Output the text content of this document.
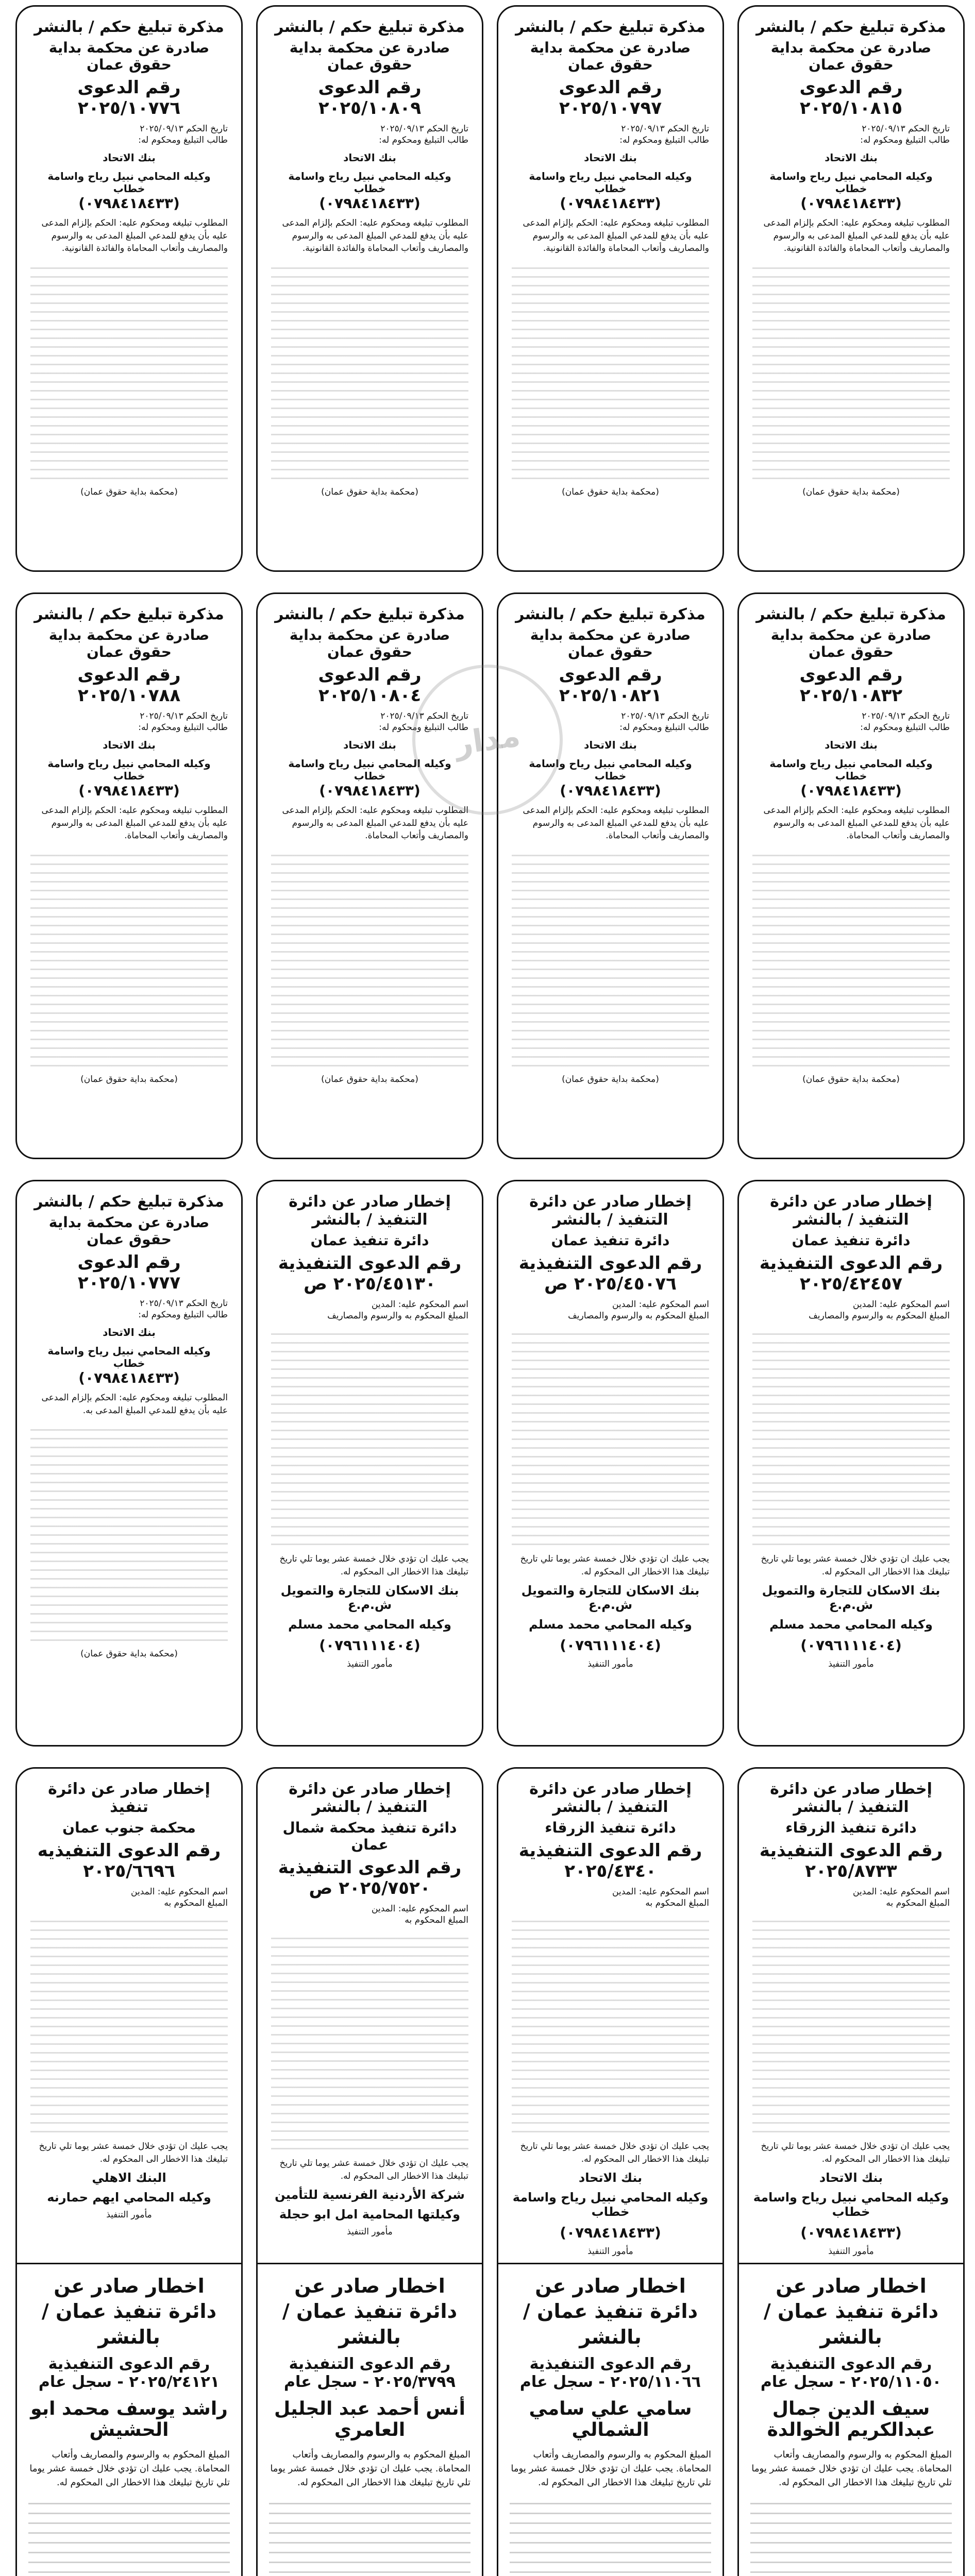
مذكرة تبليغ حكم / بالنشر
صادرة عن محكمة بداية حقوق عمان
رقم الدعوى ٢٠٢٥/١٠٨١٥
تاريخ الحكم ٢٠٢٥/٠٩/١٣
طالب التبليغ ومحكوم له:
بنك الاتحاد
وكيله المحامي نبيل رياح واسامة خطاب
(٠٧٩٨٤١٨٤٣٣)
المطلوب تبليغه ومحكوم عليه: الحكم بإلزام المدعى عليه بأن يدفع للمدعي المبلغ المدعى به والرسوم والمصاريف وأتعاب المحاماة والفائدة القانونية.
(محكمة بداية حقوق عمان)
مذكرة تبليغ حكم / بالنشر
صادرة عن محكمة بداية حقوق عمان
رقم الدعوى ٢٠٢٥/١٠٧٩٧
تاريخ الحكم ٢٠٢٥/٠٩/١٣
طالب التبليغ ومحكوم له:
بنك الاتحاد
وكيله المحامي نبيل رياح واسامة خطاب
(٠٧٩٨٤١٨٤٣٣)
المطلوب تبليغه ومحكوم عليه: الحكم بإلزام المدعى عليه بأن يدفع للمدعي المبلغ المدعى به والرسوم والمصاريف وأتعاب المحاماة والفائدة القانونية.
(محكمة بداية حقوق عمان)
مذكرة تبليغ حكم / بالنشر
صادرة عن محكمة بداية حقوق عمان
رقم الدعوى ٢٠٢٥/١٠٨٠٩
تاريخ الحكم ٢٠٢٥/٠٩/١٣
طالب التبليغ ومحكوم له:
بنك الاتحاد
وكيله المحامي نبيل رياح واسامة خطاب
(٠٧٩٨٤١٨٤٣٣)
المطلوب تبليغه ومحكوم عليه: الحكم بإلزام المدعى عليه بأن يدفع للمدعي المبلغ المدعى به والرسوم والمصاريف وأتعاب المحاماة والفائدة القانونية.
(محكمة بداية حقوق عمان)
مذكرة تبليغ حكم / بالنشر
صادرة عن محكمة بداية حقوق عمان
رقم الدعوى ٢٠٢٥/١٠٧٧٦
تاريخ الحكم ٢٠٢٥/٠٩/١٣
طالب التبليغ ومحكوم له:
بنك الاتحاد
وكيله المحامي نبيل رياح واسامة خطاب
(٠٧٩٨٤١٨٤٣٣)
المطلوب تبليغه ومحكوم عليه: الحكم بإلزام المدعى عليه بأن يدفع للمدعي المبلغ المدعى به والرسوم والمصاريف وأتعاب المحاماة والفائدة القانونية.
(محكمة بداية حقوق عمان)
مذكرة تبليغ حكم / بالنشر
صادرة عن محكمة بداية حقوق عمان
رقم الدعوى ٢٠٢٥/١٠٨٣٢
تاريخ الحكم ٢٠٢٥/٠٩/١٣
طالب التبليغ ومحكوم له:
بنك الاتحاد
وكيله المحامي نبيل رياح واسامة خطاب
(٠٧٩٨٤١٨٤٣٣)
المطلوب تبليغه ومحكوم عليه: الحكم بإلزام المدعى عليه بأن يدفع للمدعي المبلغ المدعى به والرسوم والمصاريف وأتعاب المحاماة.
(محكمة بداية حقوق عمان)
مذكرة تبليغ حكم / بالنشر
صادرة عن محكمة بداية حقوق عمان
رقم الدعوى ٢٠٢٥/١٠٨٢١
تاريخ الحكم ٢٠٢٥/٠٩/١٣
طالب التبليغ ومحكوم له:
بنك الاتحاد
وكيله المحامي نبيل رياح واسامة خطاب
(٠٧٩٨٤١٨٤٣٣)
المطلوب تبليغه ومحكوم عليه: الحكم بإلزام المدعى عليه بأن يدفع للمدعي المبلغ المدعى به والرسوم والمصاريف وأتعاب المحاماة.
(محكمة بداية حقوق عمان)
مذكرة تبليغ حكم / بالنشر
صادرة عن محكمة بداية حقوق عمان
رقم الدعوى ٢٠٢٥/١٠٨٠٤
تاريخ الحكم ٢٠٢٥/٠٩/١٣
طالب التبليغ ومحكوم له:
بنك الاتحاد
وكيله المحامي نبيل رياح واسامة خطاب
(٠٧٩٨٤١٨٤٣٣)
المطلوب تبليغه ومحكوم عليه: الحكم بإلزام المدعى عليه بأن يدفع للمدعي المبلغ المدعى به والرسوم والمصاريف وأتعاب المحاماة.
(محكمة بداية حقوق عمان)
مذكرة تبليغ حكم / بالنشر
صادرة عن محكمة بداية حقوق عمان
رقم الدعوى ٢٠٢٥/١٠٧٨٨
تاريخ الحكم ٢٠٢٥/٠٩/١٣
طالب التبليغ ومحكوم له:
بنك الاتحاد
وكيله المحامي نبيل رياح واسامة خطاب
(٠٧٩٨٤١٨٤٣٣)
المطلوب تبليغه ومحكوم عليه: الحكم بإلزام المدعى عليه بأن يدفع للمدعي المبلغ المدعى به والرسوم والمصاريف وأتعاب المحاماة.
(محكمة بداية حقوق عمان)
إخطار صادر عن دائرة التنفيذ / بالنشر
دائرة تنفيذ عمان
رقم الدعوى التنفيذية ٢٠٢٥/٤٢٤٥٧
اسم المحكوم عليه: المدين
المبلغ المحكوم به والرسوم والمصاريف
يجب عليك ان تؤدي خلال خمسة عشر يوما تلي تاريخ تبليغك هذا الاخطار الى المحكوم له.
بنك الاسكان للتجارة والتمويل ش.م.ع
وكيله المحامي محمد مسلم
(٠٧٩٦١١١٤٠٤)
مأمور التنفيذ
إخطار صادر عن دائرة التنفيذ / بالنشر
دائرة تنفيذ عمان
رقم الدعوى التنفيذية ٢٠٢٥/٤٥٠٧٦ ص
اسم المحكوم عليه: المدين
المبلغ المحكوم به والرسوم والمصاريف
يجب عليك ان تؤدي خلال خمسة عشر يوما تلي تاريخ تبليغك هذا الاخطار الى المحكوم له.
بنك الاسكان للتجارة والتمويل ش.م.ع
وكيله المحامي محمد مسلم
(٠٧٩٦١١١٤٠٤)
مأمور التنفيذ
إخطار صادر عن دائرة التنفيذ / بالنشر
دائرة تنفيذ عمان
رقم الدعوى التنفيذية ٢٠٢٥/٤٥١٣٠ ص
اسم المحكوم عليه: المدين
المبلغ المحكوم به والرسوم والمصاريف
يجب عليك ان تؤدي خلال خمسة عشر يوما تلي تاريخ تبليغك هذا الاخطار الى المحكوم له.
بنك الاسكان للتجارة والتمويل ش.م.ع
وكيله المحامي محمد مسلم
(٠٧٩٦١١١٤٠٤)
مأمور التنفيذ
مذكرة تبليغ حكم / بالنشر
صادرة عن محكمة بداية حقوق عمان
رقم الدعوى ٢٠٢٥/١٠٧٧٧
تاريخ الحكم ٢٠٢٥/٠٩/١٣
طالب التبليغ ومحكوم له:
بنك الاتحاد
وكيله المحامي نبيل رياح واسامة خطاب
(٠٧٩٨٤١٨٤٣٣)
المطلوب تبليغه ومحكوم عليه: الحكم بإلزام المدعى عليه بأن يدفع للمدعي المبلغ المدعى به.
(محكمة بداية حقوق عمان)
إخطار صادر عن دائرة التنفيذ / بالنشر
دائرة تنفيذ الزرقاء
رقم الدعوى التنفيذية ٢٠٢٥/٨٧٣٣
اسم المحكوم عليه: المدين
المبلغ المحكوم به
يجب عليك ان تؤدي خلال خمسة عشر يوما تلي تاريخ تبليغك هذا الاخطار الى المحكوم له.
بنك الاتحاد
وكيله المحامي نبيل رياح واسامة خطاب
(٠٧٩٨٤١٨٤٣٣)
مأمور التنفيذ
إخطار صادر عن دائرة التنفيذ / بالنشر
دائرة تنفيذ الزرقاء
رقم الدعوى التنفيذية ٢٠٢٥/٤٣٤٠
اسم المحكوم عليه: المدين
المبلغ المحكوم به
يجب عليك ان تؤدي خلال خمسة عشر يوما تلي تاريخ تبليغك هذا الاخطار الى المحكوم له.
بنك الاتحاد
وكيله المحامي نبيل رياح واسامة خطاب
(٠٧٩٨٤١٨٤٣٣)
مأمور التنفيذ
إخطار صادر عن دائرة التنفيذ / بالنشر
دائرة تنفيذ محكمة شمال عمان
رقم الدعوى التنفيذية ٢٠٢٥/٧٥٢٠ ص
اسم المحكوم عليه: المدين
المبلغ المحكوم به
يجب عليك ان تؤدي خلال خمسة عشر يوما تلي تاريخ تبليغك هذا الاخطار الى المحكوم له.
شركة الأردنية الفرنسية للتأمين
وكيلتها المحامية امل ابو حجلة
مأمور التنفيذ
إخطار صادر عن دائرة تنفيذ
محكمة جنوب عمان
رقم الدعوى التنفيذيه ٢٠٢٥/٦٦٩٦
اسم المحكوم عليه: المدين
المبلغ المحكوم به
يجب عليك ان تؤدي خلال خمسة عشر يوما تلي تاريخ تبليغك هذا الاخطار الى المحكوم له.
البنك الاهلي
وكيله المحامي ايهم حمارنه
مأمور التنفيذ
اخطار صادر عن دائرة تنفيذ عمان / بالنشر
رقم الدعوى التنفيذية ٢٠٢٥/١١٠٥٠ - سجل عام
سيف الدين جمال عبدالكريم الخوالدة
المبلغ المحكوم به والرسوم والمصاريف وأتعاب المحاماة. يجب عليك ان تؤدي خلال خمسة عشر يوما تلي تاريخ تبليغك هذا الاخطار الى المحكوم له.
اخطار صادر عن دائرة تنفيذ عمان / بالنشر
رقم الدعوى التنفيذية ٢٠٢٥/١١٠٦٦ - سجل عام
سامي علي سامي الشمالي
المبلغ المحكوم به والرسوم والمصاريف وأتعاب المحاماة. يجب عليك ان تؤدي خلال خمسة عشر يوما تلي تاريخ تبليغك هذا الاخطار الى المحكوم له.
اخطار صادر عن دائرة تنفيذ عمان / بالنشر
رقم الدعوى التنفيذية ٢٠٢٥/٣٧٩٩ - سجل عام
أنس أحمد عبد الجليل العامري
المبلغ المحكوم به والرسوم والمصاريف وأتعاب المحاماة. يجب عليك ان تؤدي خلال خمسة عشر يوما تلي تاريخ تبليغك هذا الاخطار الى المحكوم له.
اخطار صادر عن دائرة تنفيذ عمان / بالنشر
رقم الدعوى التنفيذية ٢٠٢٥/٢٤١٢١ - سجل عام
راشد يوسف محمد ابو الحشيش
المبلغ المحكوم به والرسوم والمصاريف وأتعاب المحاماة. يجب عليك ان تؤدي خلال خمسة عشر يوما تلي تاريخ تبليغك هذا الاخطار الى المحكوم له.
مدار
